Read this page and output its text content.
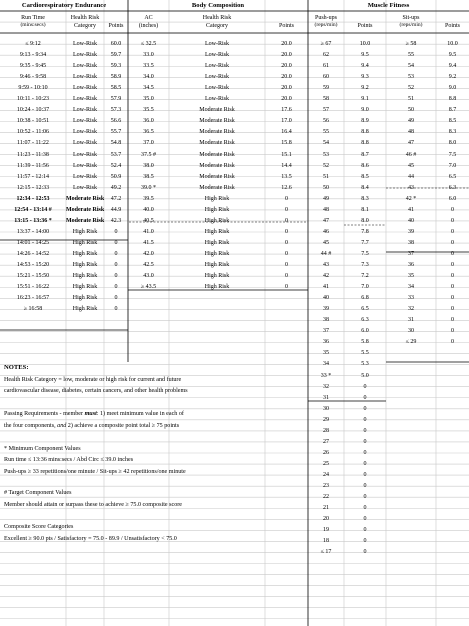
Cardiorespiratory Endurance	Body Composition	Muscle Fitness
Run Time
(mins:secs)
Health Risk
Category	Points
AC
(inches)
Health Risk
Category	Points
Push-ups
(reps/min)	Points
Sit-ups
(reps/min)	Points
≤ 9:12	Low-Risk	60.0
9:13 - 9:34	Low-Risk	59.7
9:35 - 9:45	Low-Risk	59.3
9:46 - 9:58	Low-Risk	58.9
9:59 - 10:10	Low-Risk	58.5
10:11 - 10:23	Low-Risk	57.9
10:24 - 10:37	Low-Risk	57.3
10:38 - 10:51	Low-Risk	56.6
10:52 - 11:06	Low-Risk	55.7
11:07 - 11:22	Low-Risk	54.8
11:23 - 11:38	Low-Risk	53.7
11:39 - 11:56	Low-Risk	52.4
11:57 - 12:14	Low-Risk	50.9
12:15 - 12:33	Low-Risk	49.2
12:34 - 12:53	Moderate Risk	47.2
12:54 - 13:14 #	Moderate Risk	44.9
13:15 - 13:36 *	Moderate Risk	42.3
13:37 - 14:00	High Risk	0
14:01 - 14:25	High Risk	0
14:26 - 14:52	High Risk	0
14:53 - 15:20	High Risk	0
15:21 - 15:50	High Risk	0
15:51 - 16:22	High Risk	0
16:23 - 16:57	High Risk	0
≥ 16:58	High Risk	0
≤ 32.5	Low-Risk	20.0
33.0	Low-Risk	20.0
33.5	Low-Risk	20.0
34.0	Low-Risk	20.0
34.5	Low-Risk	20.0
35.0	Low-Risk	20.0
35.5	Moderate Risk	17.6
36.0	Moderate Risk	17.0
36.5	Moderate Risk	16.4
37.0	Moderate Risk	15.8
37.5 #	Moderate Risk	15.1
38.0	Moderate Risk	14.4
38.5	Moderate Risk	13.5
39.0 *	Moderate Risk	12.6
39.5	High Risk	0
40.0	High Risk	0
40.5	High Risk	0
41.0	High Risk	0
41.5	High Risk	0
42.0	High Risk	0
42.5	High Risk	0
43.0	High Risk	0
≥ 43.5	High Risk	0
≥ 67	10.0
62	9.5
61	9.4
60	9.3
59	9.2
58	9.1
57	9.0
56	8.9
55	8.8
54	8.8
53	8.7
52	8.6
51	8.5
50	8.4
49	8.3
48	8.1
47	8.0
46	7.8
45	7.7
44 #	7.5
43	7.3
42	7.2
41	7.0
40	6.8
39	6.5
38	6.3
37	6.0
36	5.8
35	5.5
34	5.3
33 *	5.0
32	0
31	0
30	0
29	0
28	0
27	0
26	0
25	0
24	0
23	0
22	0
21	0
20	0
19	0
18	0
≤ 17	0
≥ 58	10.0
55	9.5
54	9.4
53	9.2
52	9.0
51	8.8
50	8.7
49	8.5
48	8.3
47	8.0
46 #	7.5
45	7.0
44	6.5
43	6.3
42 *	6.0
41	0
40	0
39	0
38	0
37	0
36	0
35	0
34	0
33	0
32	0
31	0
30	0
≤ 29	0
NOTES:
Health Risk Category = low, moderate or high risk for current and future
cardiovascular disease, diabetes, certain cancers, and other health problems
Passing Requirements - member must: 1) meet minimum value in each of
the four components, and 2) achieve a composite point total ≥ 75 points
* Minimum Component Values
Run time ≤ 13:36 mins:secs / Abd Circ ≤ 39.0 inches
Push-ups ≥ 33 repetitions/one minute / Sit-ups ≥ 42 repetitions/one minute
# Target Component Values
Member should attain or surpass these to achieve ≥ 75.0 composite score
Composite Score Categories
Excellent ≥ 90.0 pts / Satisfactory = 75.0 - 89.9 / Unsatisfactory < 75.0
